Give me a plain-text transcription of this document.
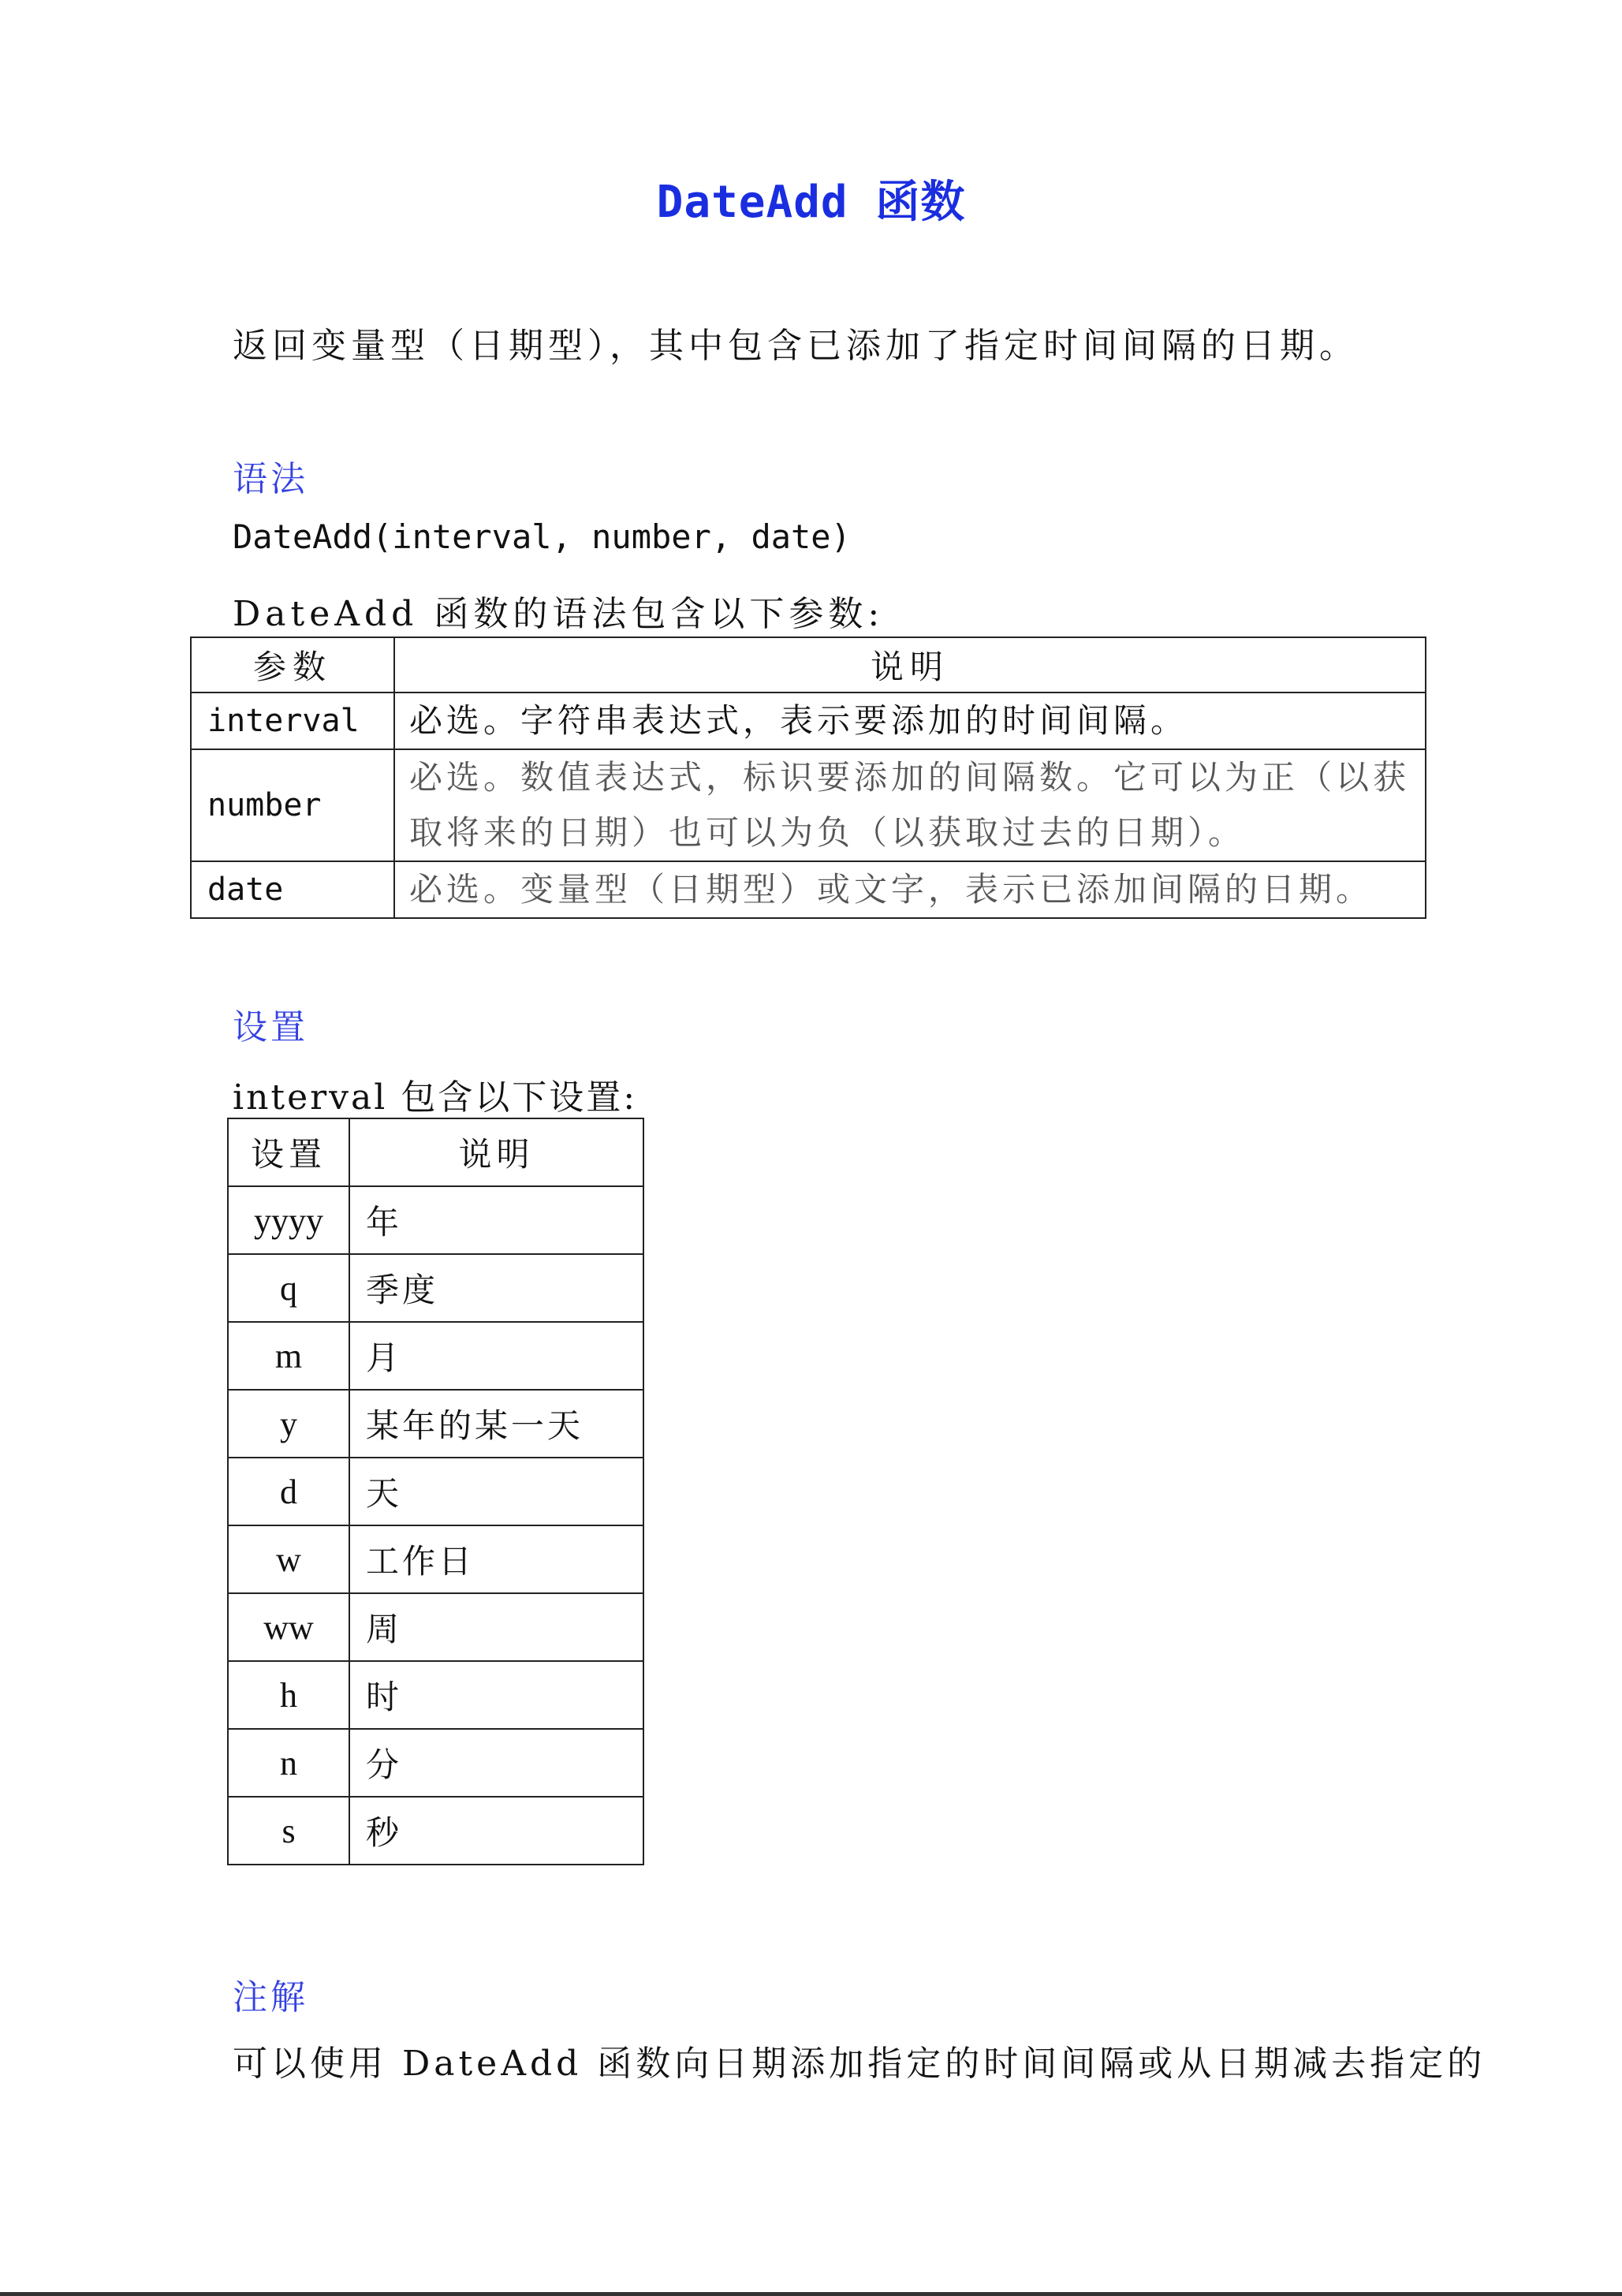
DateAdd 函数
返回变量型（日期型），其中包含已添加了指定时间间隔的日期。
语法
DateAdd(interval, number, date)
DateAdd 函数的语法包含以下参数:
参数	说明
interval	必选。字符串表达式，表示要添加的时间间隔。
number	必选。数值表达式，标识要添加的间隔数。它可以为正（以获取将来的日期）也可以为负（以获取过去的日期）。
date	必选。变量型（日期型）或文字，表示已添加间隔的日期。
设置
interval 包含以下设置:
设置	说明
yyyy	年
q	季度
m	月
y	某年的某一天
d	天
w	工作日
ww	周
h	时
n	分
s	秒
注解
可以使用 DateAdd 函数向日期添加指定的时间间隔或从日期减去指定的
